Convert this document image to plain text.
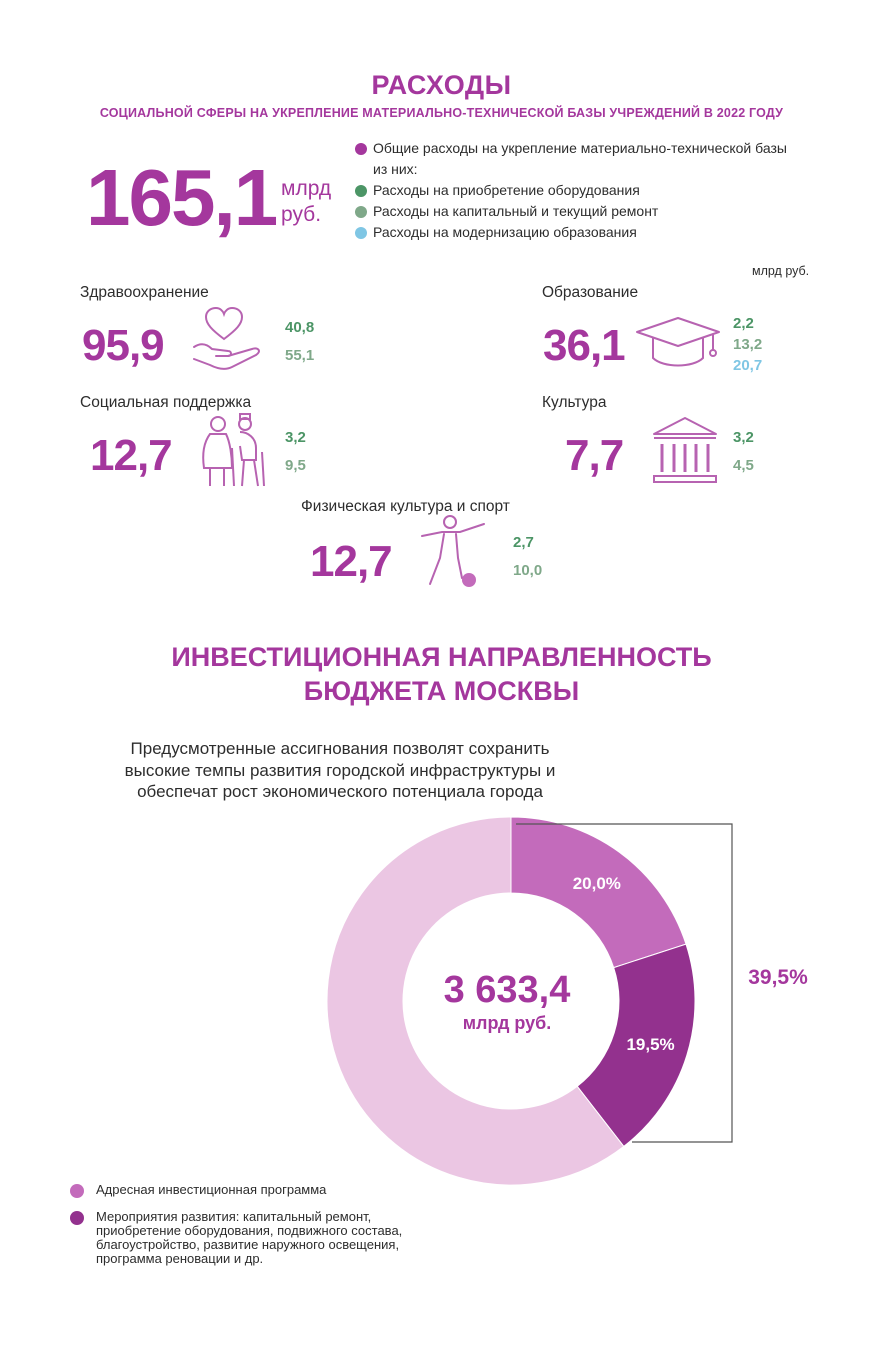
РАСХОДЫ
СОЦИАЛЬНОЙ СФЕРЫ НА УКРЕПЛЕНИЕ МАТЕРИАЛЬНО-ТЕХНИЧЕСКОЙ БАЗЫ УЧРЕЖДЕНИЙ В 2022 ГОДУ
165,1 млрд
руб.
Общие расходы на укрепление материально-технической базы
из них:
Расходы на приобретение оборудования
Расходы на капитальный и текущий ремонт
Расходы на модернизацию образования
млрд руб.
Здравоохранение
95,9	40,8
55,1
Образование
36,1	2,2
13,2
20,7
Социальная поддержка
12,7	3,2
9,5
Культура
7,7	3,2
4,5
Физическая культура и спорт
12,7	2,7
10,0
ИНВЕСТИЦИОННАЯ НАПРАВЛЕННОСТЬ
БЮДЖЕТА МОСКВЫ
Предусмотренные ассигнования позволят сохранить
высокие темпы развития городской инфраструктуры и
обеспечат рост экономического потенциала города
20,0%
19,5%
39,5%
3 633,4
млрд руб.
Адресная инвестиционная программа
Мероприятия развития: капитальный ремонт, приобретение оборудования, подвижного состава, благоустройство, развитие наружного освещения, программа реновации и др.
